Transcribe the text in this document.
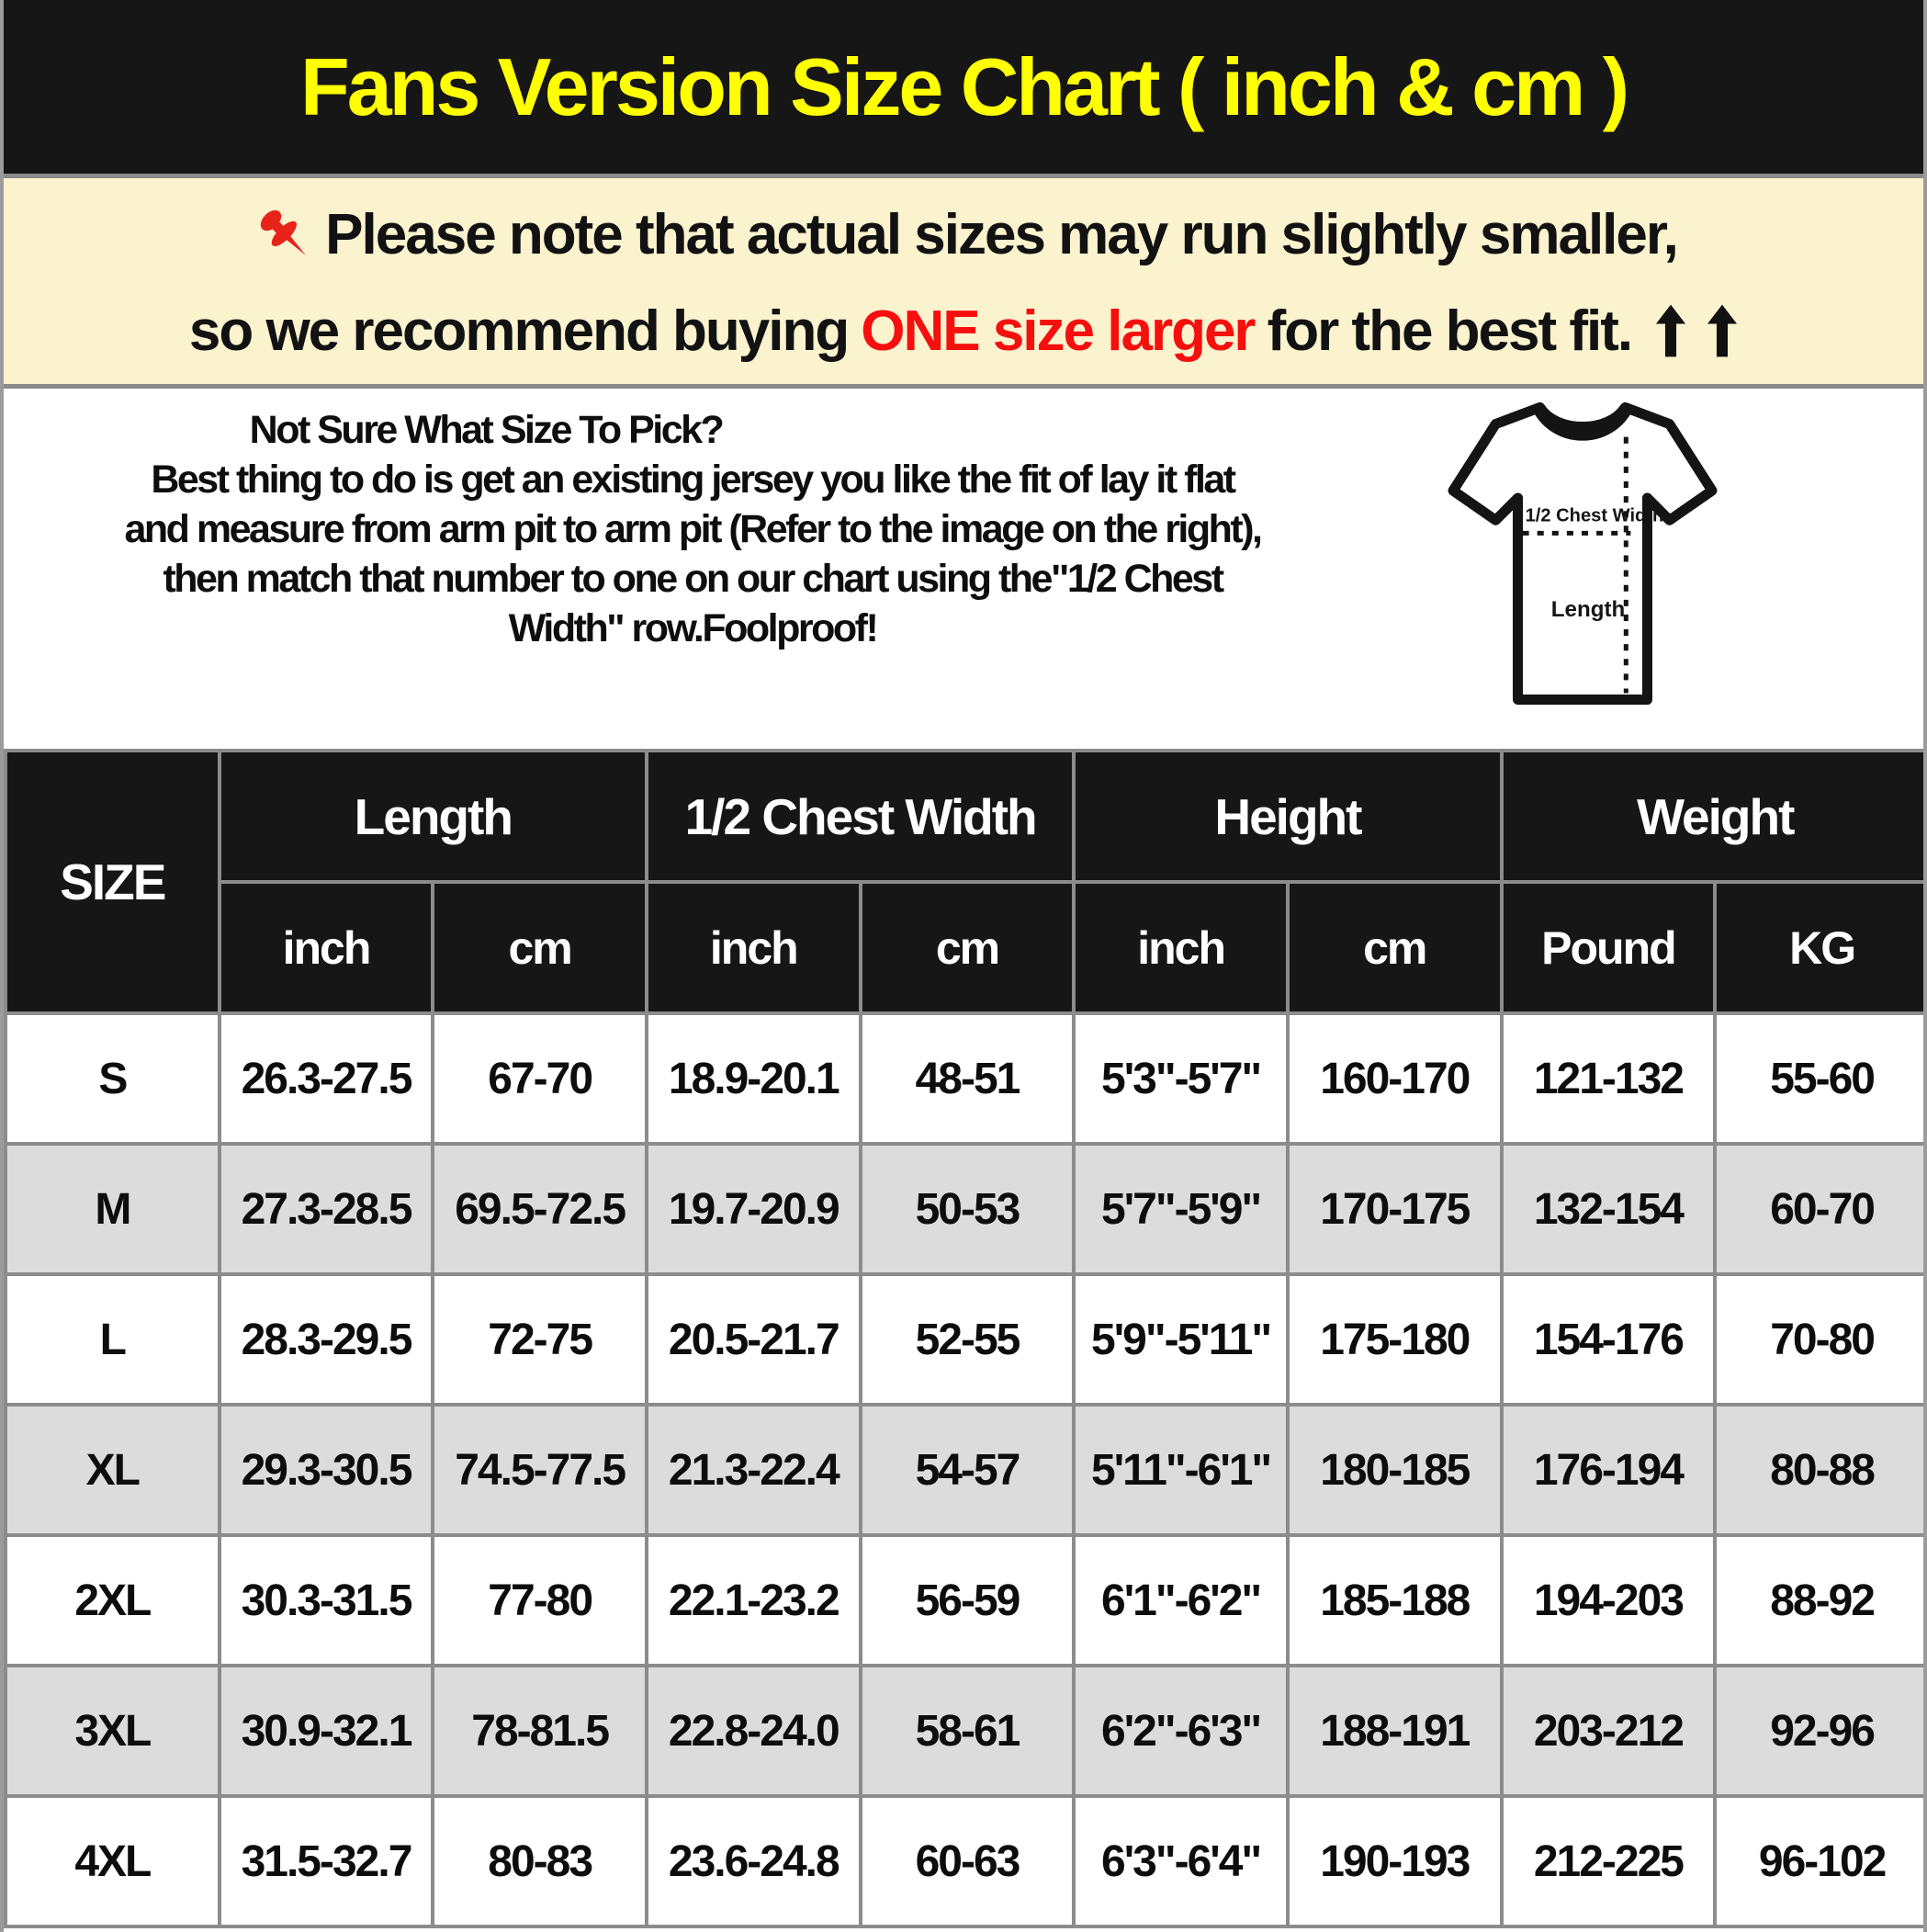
Fans Version Size Chart ( inch & cm )
Please note that actual sizes may run slightly smaller,
so we recommend buying ONE size larger for the best fit.
Not Sure What Size To Pick?
Best thing to do is get an existing jersey you like the fit of lay it flat
and measure from arm pit to arm pit (Refer to the image on the right),
then match that number to one on our chart using the"1/2 Chest
Width" row.Foolproof!
1/2 Chest Width
Length
SIZE	Length		1/2 Chest Width		Height		Weight	
	inch	cm	inch	cm	inch	cm	Pound	KG
S	26.3-27.5	67-70	18.9-20.1	48-51	5'3"-5'7"	160-170	121-132	55-60
M	27.3-28.5	69.5-72.5	19.7-20.9	50-53	5'7"-5'9"	170-175	132-154	60-70
L	28.3-29.5	72-75	20.5-21.7	52-55	5'9"-5'11"	175-180	154-176	70-80
XL	29.3-30.5	74.5-77.5	21.3-22.4	54-57	5'11"-6'1"	180-185	176-194	80-88
2XL	30.3-31.5	77-80	22.1-23.2	56-59	6'1"-6'2"	185-188	194-203	88-92
3XL	30.9-32.1	78-81.5	22.8-24.0	58-61	6'2"-6'3"	188-191	203-212	92-96
4XL	31.5-32.7	80-83	23.6-24.8	60-63	6'3"-6'4"	190-193	212-225	96-102
